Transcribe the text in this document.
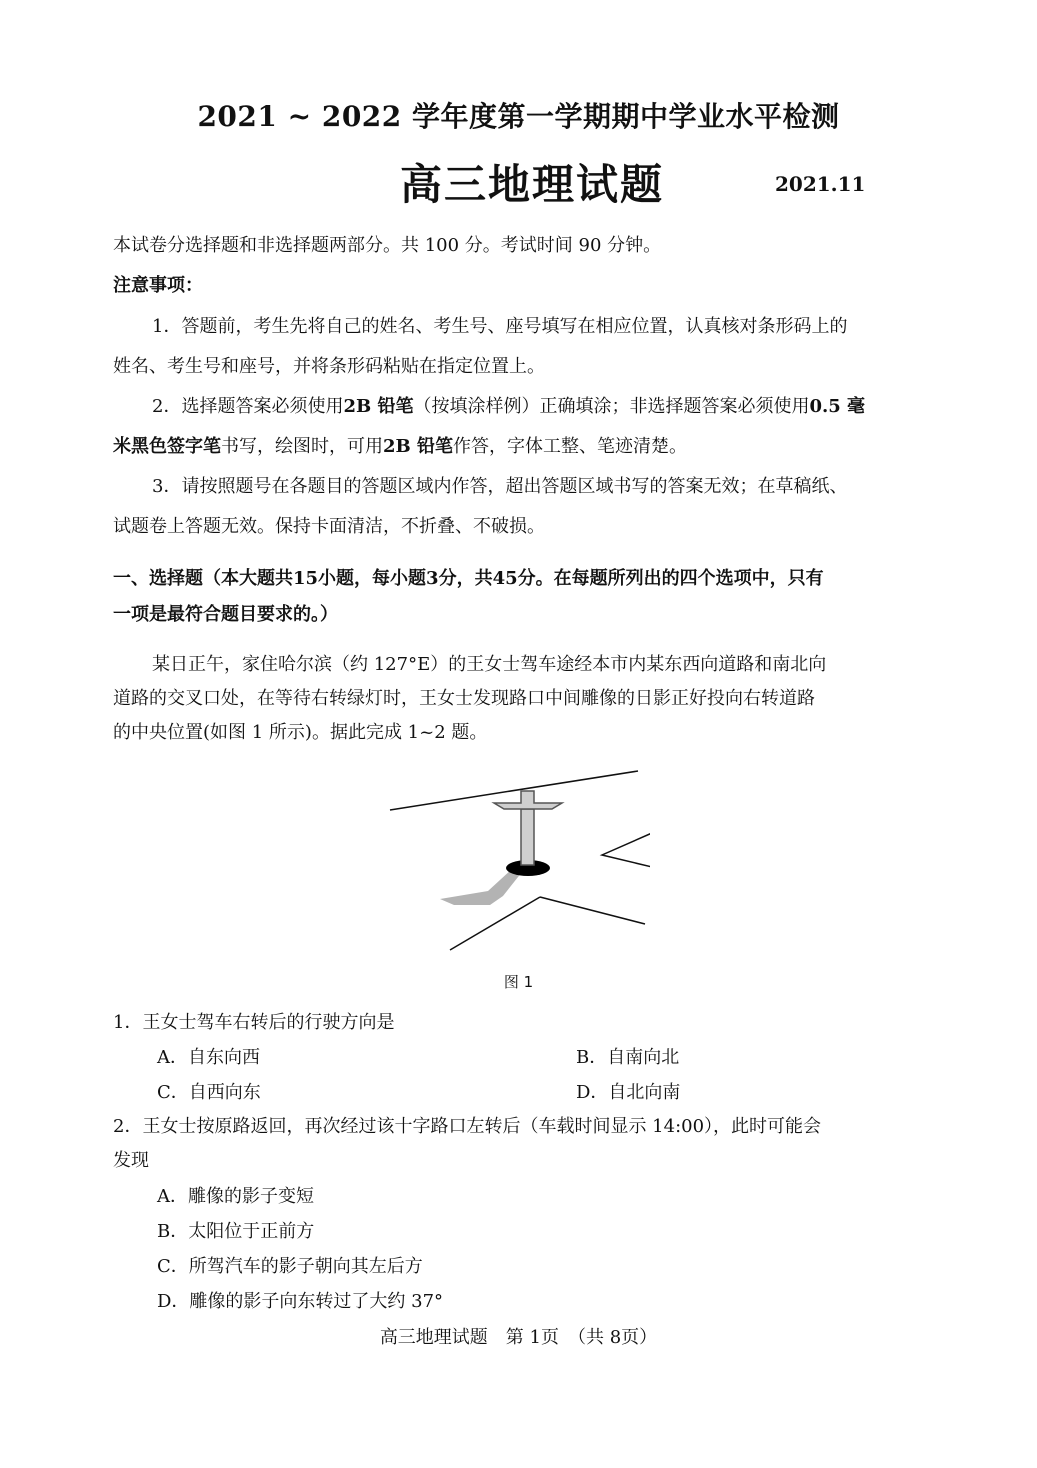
2021 ~ 2022 学年度第一学期期中学业水平检测
高三地理试题	2021.11
本试卷分选择题和非选择题两部分。共 100 分。考试时间 90 分钟。
注意事项：
1．答题前，考生先将自己的姓名、考生号、座号填写在相应位置，认真核对条形码上的
姓名、考生号和座号，并将条形码粘贴在指定位置上。
2．选择题答案必须使用2B 铅笔（按填涂样例）正确填涂；非选择题答案必须使用0.5 毫
米黑色签字笔书写，绘图时，可用2B 铅笔作答，字体工整、笔迹清楚。
3．请按照题号在各题目的答题区域内作答，超出答题区域书写的答案无效；在草稿纸、
试题卷上答题无效。保持卡面清洁，不折叠、不破损。
一、选择题（本大题共15小题，每小题3分，共45分。在每题所列出的四个选项中，只有
一项是最符合题目要求的。）
某日正午，家住哈尔滨（约 127°E）的王女士驾车途经本市内某东西向道路和南北向
道路的交叉口处，在等待右转绿灯时，王女士发现路口中间雕像的日影正好投向右转道路
的中央位置(如图 1 所示)。据此完成 1~2 题。
图 1
1．王女士驾车右转后的行驶方向是
A．自东向西	B．自南向北
C．自西向东	D．自北向南
2．王女士按原路返回，再次经过该十字路口左转后（车载时间显示 14:00），此时可能会
发现
A．雕像的影子变短
B．太阳位于正前方
C．所驾汽车的影子朝向其左后方
D．雕像的影子向东转过了大约 37°
高三地理试题　第 1页　（共 8页）
